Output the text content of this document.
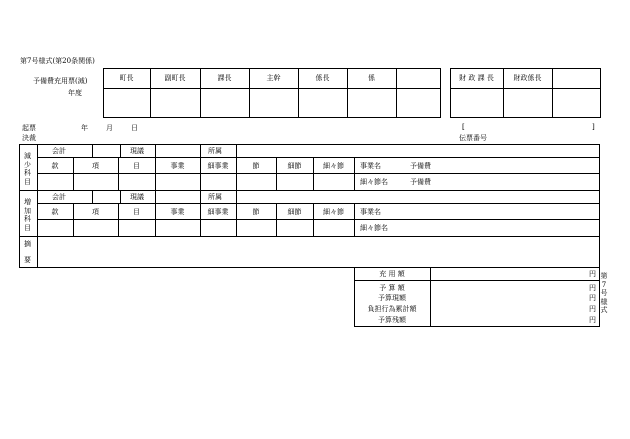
第7号様式(第20条関係)
予備費充用票(減)
年度
町長	副町長	課長	主幹	係長	係	財 政 課 長	財政係長
起票
決裁
年	月	日	[	]
伝票番号
減少科目
会計	現議	所属
款	項	目	事業	細事業	節	細節	細々節	事業名	予備費
細々節名	予備費
増加科目
会計	現議	所属
款	項	目	事業	細事業	節	細節	細々節	事業名
細々節名
摘
要
充 用 額	円
予 算 額	円
予算現額	円
負担行為累計額	円
予算残額	円
第7号様式
